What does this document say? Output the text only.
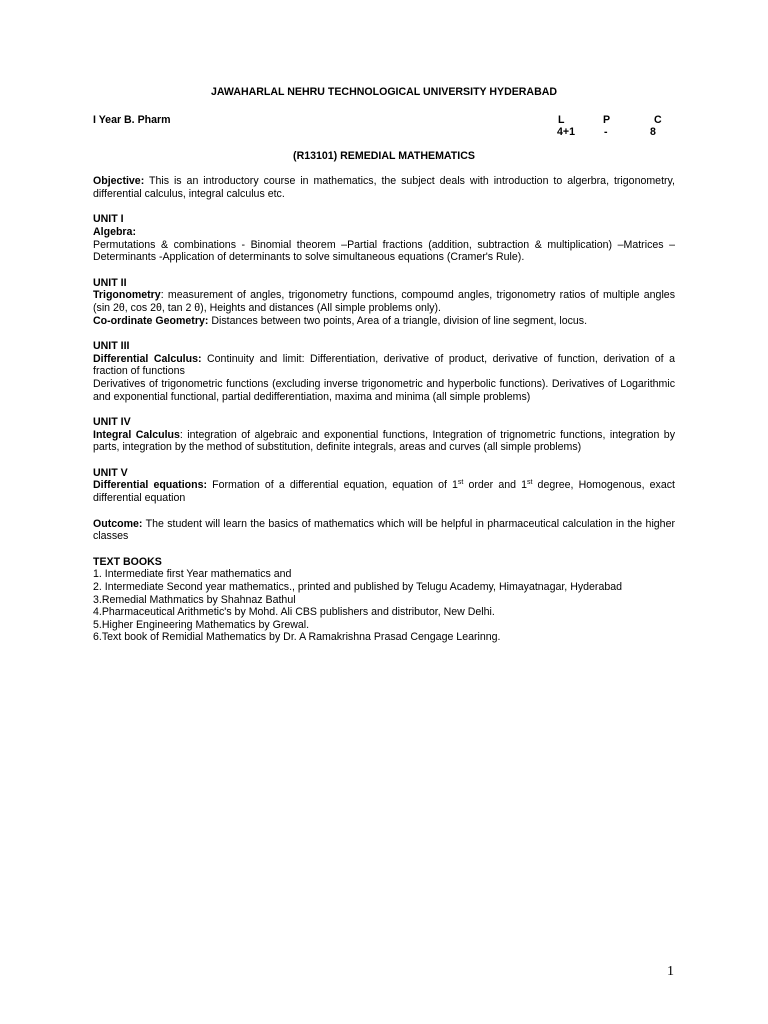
JAWAHARLAL NEHRU TECHNOLOGICAL UNIVERSITY HYDERABAD
I Year B. Pharm	L
4+1
P
-
C
8
(R13101) REMEDIAL MATHEMATICS

Objective: This is an introductory course in mathematics, the subject deals with introduction to algerbra, trigonometry, differential calculus, integral calculus etc.

UNIT I
Algebra:

Permutations & combinations - Binomial theorem –Partial fractions (addition, subtraction & multiplication) –Matrices –Determinants -Application of determinants to solve simultaneous equations (Cramer's Rule).

UNIT II

Trigonometry: measurement of angles, trigonometry functions, compoumd angles, trigonometry ratios of multiple angles (sin 2θ, cos 2θ, tan 2 θ), Heights and distances (All simple problems only).

Co-ordinate Geometry: Distances between two points, Area of a triangle, division of line segment, locus.

UNIT III

Differential Calculus: Continuity and limit: Differentiation, derivative of product, derivative of function, derivation of a fraction of functions

Derivatives of trigonometric functions (excluding inverse trigonometric and hyperbolic functions). Derivatives of Logarithmic and exponential functional, partial dedifferentiation, maxima and minima (all simple problems)

UNIT IV

Integral Calculus: integration of algebraic and exponential functions, Integration of trignometric functions, integration by parts, integration by the method of substitution, definite integrals, areas and curves (all simple problems)

UNIT V

Differential equations: Formation of a differential equation, equation of 1st order and 1st degree, Homogenous, exact differential equation

Outcome: The student will learn the basics of mathematics which will be helpful in pharmaceutical calculation in the higher classes

TEXT BOOKS
1. Intermediate first Year mathematics and
2. Intermediate Second year mathematics., printed and published by Telugu Academy, Himayatnagar, Hyderabad
3.Remedial Mathmatics by Shahnaz Bathul
4.Pharmaceutical Arithmetic's by Mohd. Ali CBS publishers and distributor, New Delhi.
5.Higher Engineering Mathematics by Grewal.
6.Text book of Remidial Mathematics by Dr. A Ramakrishna Prasad Cengage Learinng.
1
